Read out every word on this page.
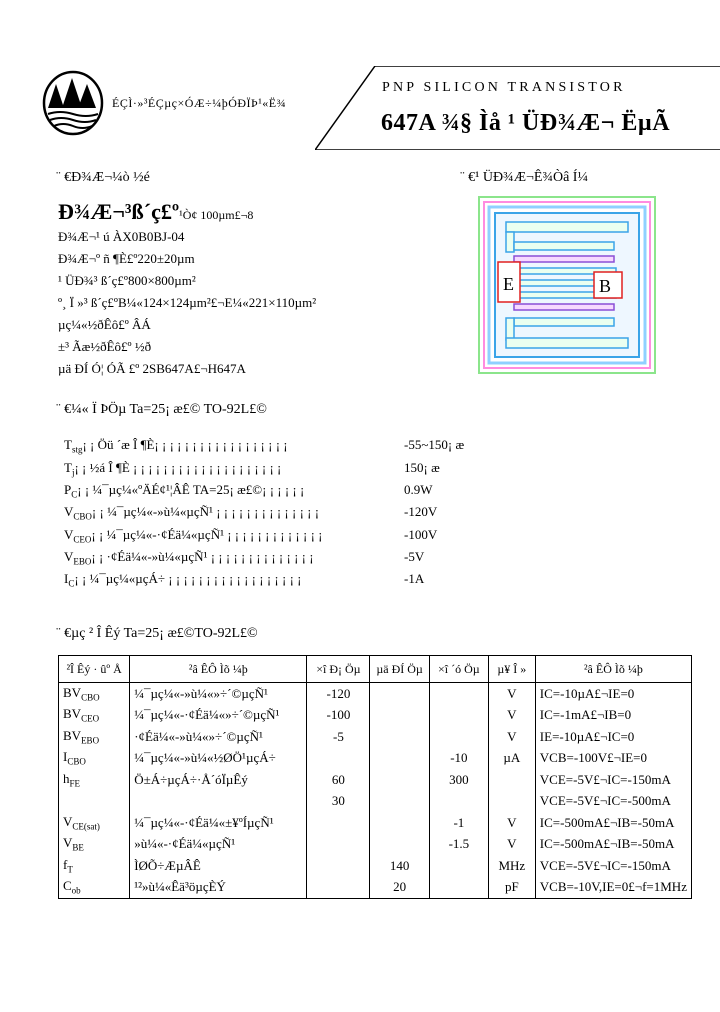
ÉÇÌ·»³ÉÇµç×ÓÆ÷¼þÓÐÏÞ¹«Ë¾
PNP SILICON TRANSISTOR
647A ¾§ Ìå ¹ ÜÐ¾Æ¬ ËµÃ
¨ €Ð¾Æ¬¼ò ½é	¨ €¹ ÜÐ¾Æ¬Ê¾Òâ Í¼
Ð¾Æ¬³ß´ç£º¹Ò¢ 100µm£¬8
Ð¾Æ¬¹ ú ÀX0B0BJ-04
Ð¾Æ¬º ñ ¶È£º220±20µm
¹ ÜÐ¾³ ß´ç£º800×800µm²
º¸ Ï »³ ß´ç£ºB¼«124×124µm²£¬E¼«221×110µm²
µç¼«½ðÊô£º ÂÁ
±³ Ãæ½ðÊô£º ½ð
µä ÐÍ Ó¦ ÓÃ £º 2SB647A£¬H647A
E	B
¨ €¼« Ï ÞÖµ Ta=25¡ æ£© TO-92L£©
$T_{stg}¡$ ¡ Öü ´æ Î ¶È¡ ¡ ¡ ¡ ¡ ¡ ¡ ¡ ¡ ¡ ¡ ¡ ¡ ¡ ¡ ¡ ¡ ¡	-55~150¡ æ
$T_j¡$ ¡ ½á Î ¶È ¡ ¡ ¡ ¡ ¡ ¡ ¡ ¡ ¡ ¡ ¡ ¡ ¡ ¡ ¡ ¡ ¡ ¡ ¡ ¡	150¡ æ
$P_C¡$ ¡ ¼¯µç¼«ºÄÉ¢¹¦ÂÊ TA=25¡ æ£©¡ ¡ ¡ ¡ ¡ ¡	0.9W
$V_{CBO}¡$ ¡ ¼¯µç¼«-»ù¼«µçÑ¹ ¡ ¡ ¡ ¡ ¡ ¡ ¡ ¡ ¡ ¡ ¡ ¡ ¡ ¡	-120V
$V_{CEO}¡$ ¡ ¼¯µç¼«-·¢Éä¼«µçÑ¹ ¡ ¡ ¡ ¡ ¡ ¡ ¡ ¡ ¡ ¡ ¡ ¡ ¡	-100V
$V_{EBO}¡$ ¡ ·¢Éä¼«-»ù¼«µçÑ¹ ¡ ¡ ¡ ¡ ¡ ¡ ¡ ¡ ¡ ¡ ¡ ¡ ¡ ¡	-5V
$I_C¡$ ¡ ¼¯µç¼«µçÁ÷ ¡ ¡ ¡ ¡ ¡ ¡ ¡ ¡ ¡ ¡ ¡ ¡ ¡ ¡ ¡ ¡ ¡ ¡	-1A
¨ €µç ² Î Êý Ta=25¡ æ£©TO-92L£©
²Î Êý · ûº Å	²â ÊÔ Ìõ ¼þ	×î Ð¡ Öµ	µä ÐÍ Öµ	×î ´ó Öµ	µ¥ Î »	²â ÊÔ Ìõ ¼þ
$BV_{CBO}$	¼¯µç¼«-»ù¼«»÷´©µçÑ¹	-120			V	IC=-10µA£¬IE=0
$BV_{CEO}$	¼¯µç¼«-·¢Éä¼«»÷´©µçÑ¹	-100			V	IC=-1mA£¬IB=0
$BV_{EBO}$	·¢Éä¼«-»ù¼«»÷´©µçÑ¹	-5			V	IE=-10µA£¬IC=0
$I_{CBO}$	¼¯µç¼«-»ù¼«½ØÖ¹µçÁ÷			-10	µA	VCB=-100V£¬IE=0
$h_{FE}$	Ö±Á÷µçÁ÷·Å´óÏµÊý	60		300		VCE=-5V£¬IC=-150mA
		30				VCE=-5V£¬IC=-500mA
$V_{CE(sat)}$	¼¯µç¼«-·¢Éä¼«±¥ºÍµçÑ¹			-1	V	IC=-500mA£¬IB=-50mA
$V_{BE}$	»ù¼«-·¢Éä¼«µçÑ¹			-1.5	V	IC=-500mA£¬IB=-50mA
$f_T$	ÌØÕ÷ÆµÂÊ		140		MHz	VCE=-5V£¬IC=-150mA
$C_{ob}$	¹²»ù¼«Êä³öµçÈÝ		20		pF	VCB=-10V,IE=0£¬f=1MHz
